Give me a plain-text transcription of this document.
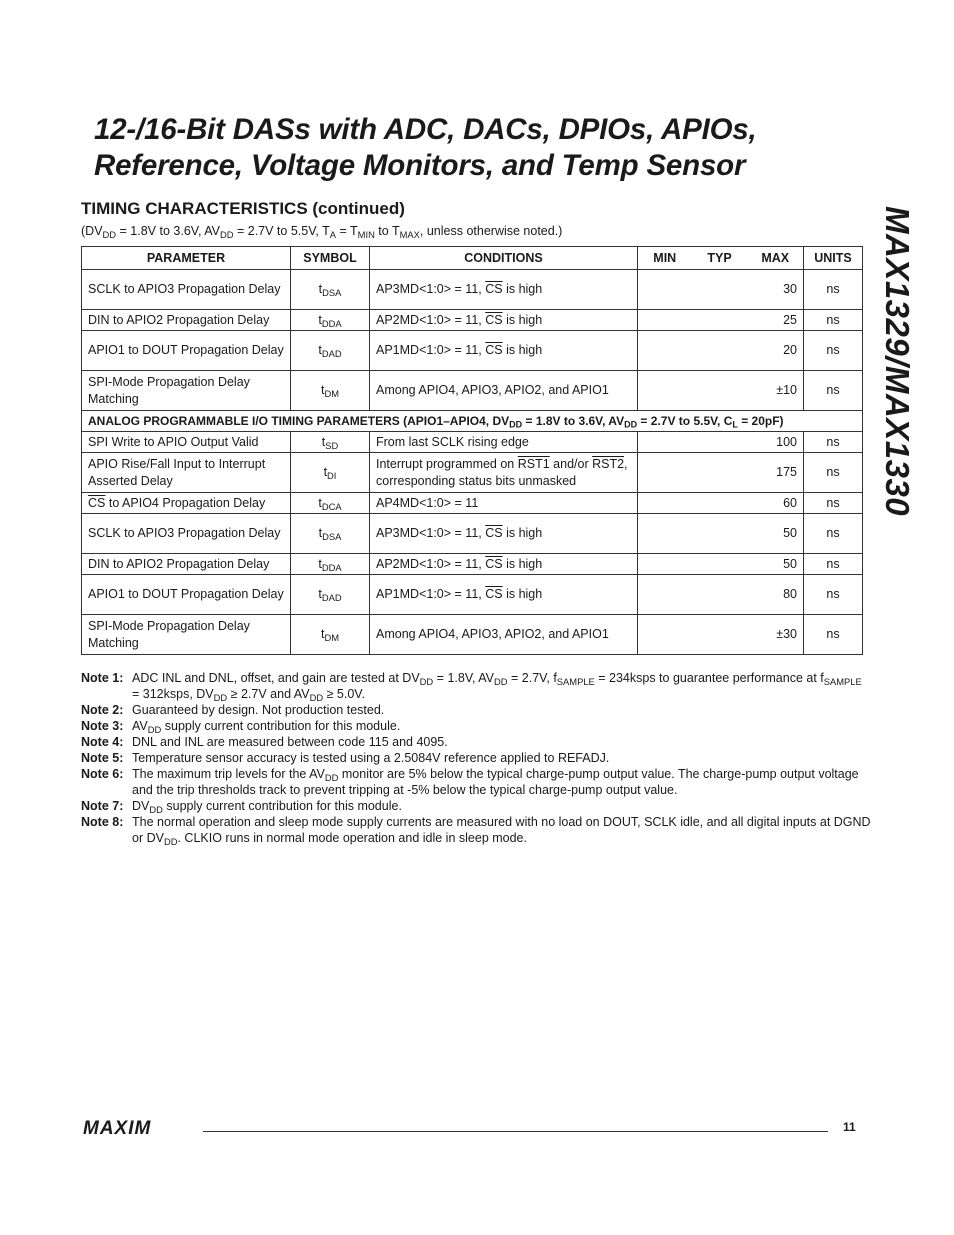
12-/16-Bit DASs with ADC, DACs, DPIOs, APIOs,
Reference, Voltage Monitors, and Temp Sensor
MAX1329/MAX1330
TIMING CHARACTERISTICS (continued)
($DV_{DD} = 1.8V$ to 3.6V, $AV_{DD} = 2.7V$ to 5.5V, $T_A = T_{MIN}$ to $T_{MAX}$, unless otherwise noted.)
PARAMETER	SYMBOL	CONDITIONS	MIN	TYP	MAX	UNITS
SCLK to APIO3 Propagation Delay	$t_{DSA}$	AP3MD<1:0> = 11, $\overline{CS}$ is high			30	ns
DIN to APIO2 Propagation Delay	$t_{DDA}$	AP2MD<1:0> = 11, $\overline{CS}$ is high			25	ns
APIO1 to DOUT Propagation Delay	$t_{DAD}$	AP1MD<1:0> = 11, $\overline{CS}$ is high			20	ns
SPI-Mode Propagation Delay Matching	$t_{DM}$	Among APIO4, APIO3, APIO2, and APIO1			±10	ns
ANALOG PROGRAMMABLE I/O TIMING PARAMETERS (APIO1–APIO4, $DV_{DD} = 1.8V$ to 3.6V, $AV_{DD} = 2.7V$ to 5.5V, $C_L = 20pF$)						
SPI Write to APIO Output Valid	$t_{SD}$	From last SCLK rising edge			100	ns
APIO Rise/Fall Input to Interrupt Asserted Delay	$t_{DI}$	Interrupt programmed on RST1 and/or RST2, corresponding status bits unmasked			175	ns
$\overline{CS}$ to APIO4 Propagation Delay	$t_{DCA}$	AP4MD<1:0> = 11			60	ns
SCLK to APIO3 Propagation Delay	$t_{DSA}$	AP3MD<1:0> = 11, $\overline{CS}$ is high			50	ns
DIN to APIO2 Propagation Delay	$t_{DDA}$	AP2MD<1:0> = 11, $\overline{CS}$ is high			50	ns
APIO1 to DOUT Propagation Delay	$t_{DAD}$	AP1MD<1:0> = 11, $\overline{CS}$ is high			80	ns
SPI-Mode Propagation Delay Matching	$t_{DM}$	Among APIO4, APIO3, APIO2, and APIO1			±30	ns
Note 1: ADC INL and DNL, offset, and gain are tested at $DV_{DD} = 1.8V$, $AV_{DD} = 2.7V$, $f_{SAMPLE}$ = 234ksps to guarantee performance at $f_{SAMPLE}$ = 312ksps, $DV_{DD} \ge 2.7V$ and $AV_{DD} \ge 5.0V$.
Note 2: Guaranteed by design. Not production tested.
Note 3: $AV_{DD}$ supply current contribution for this module.
Note 4: DNL and INL are measured between code 115 and 4095.
Note 5: Temperature sensor accuracy is tested using a 2.5084V reference applied to REFADJ.
Note 6: The maximum trip levels for the $AV_{DD}$ monitor are 5% below the typical charge-pump output value. The charge-pump output voltage and the trip thresholds track to prevent tripping at -5% below the typical charge-pump output value.
Note 7: $DV_{DD}$ supply current contribution for this module.
Note 8: The normal operation and sleep mode supply currents are measured with no load on DOUT, SCLK idle, and all digital inputs at DGND or $DV_{DD}$. CLKIO runs in normal mode operation and idle in sleep mode.
MAXIM	11
